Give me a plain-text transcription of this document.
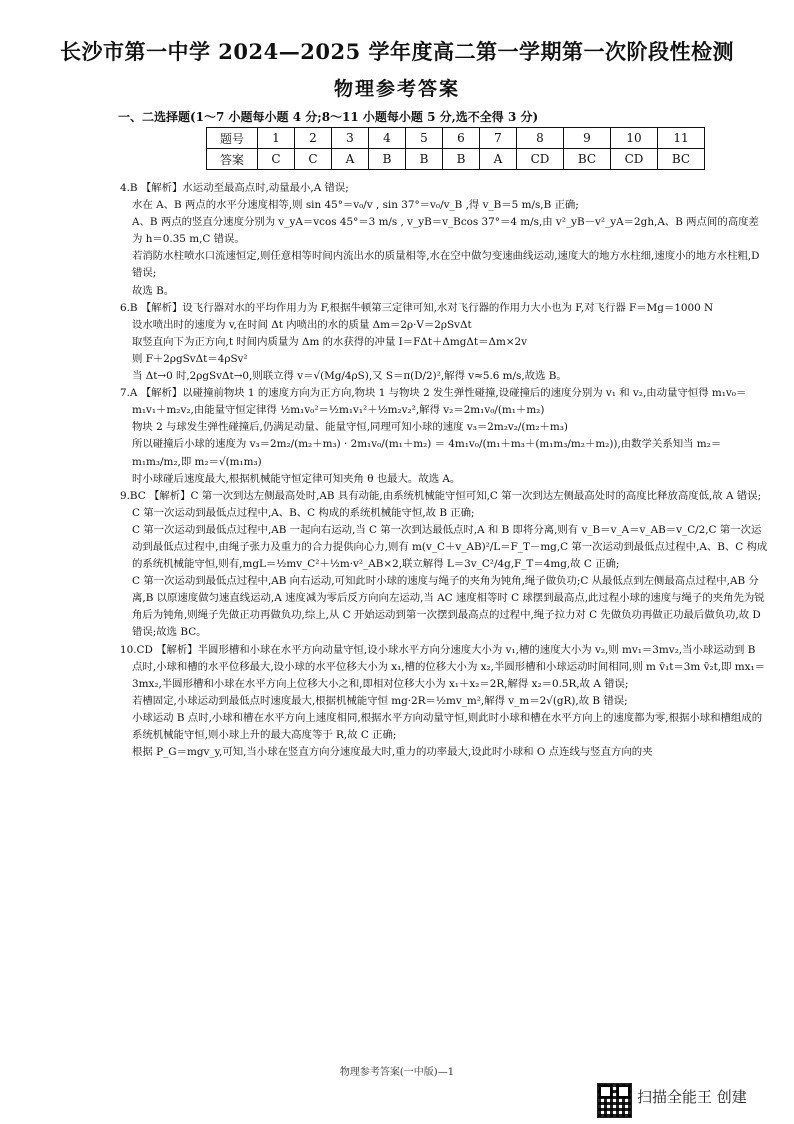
长沙市第一中学 2024—2025 学年度高二第一学期第一次阶段性检测
物理参考答案
一、二选择题(1～7 小题每小题 4 分;8～11 小题每小题 5 分,选不全得 3 分)
题号	1	2	3	4	5	6	7	8	9	10	11
答案	C	C	A	B	B	B	A	CD	BC	CD	BC

4.B 【解析】水运动至最高点时,动量最小,A 错误;

水在 A、B 两点的水平分速度相等,则 sin 45°＝v₀/v , sin 37°＝v₀/v_B ,得 v_B＝5 m/s,B 正确;

A、B 两点的竖直分速度分别为 v_yA＝vcos 45°＝3 m/s , v_yB＝v_Bcos 37°＝4 m/s,由 v²_yB－v²_yA＝2gh,A、B 两点间的高度差为 h＝0.35 m,C 错误。

若消防水柱喷水口流速恒定,则任意相等时间内流出水的质量相等,水在空中做匀变速曲线运动,速度大的地方水柱细,速度小的地方水柱粗,D 错误;

故选 B。

6.B 【解析】设飞行器对水的平均作用力为 F,根据牛顿第三定律可知,水对飞行器的作用力大小也为 F,对飞行器 F＝Mg＝1000 N

设水喷出时的速度为 v,在时间 Δt 内喷出的水的质量 Δm＝2ρ·V＝2ρSvΔt

取竖直向下为正方向,t 时间内质量为 Δm 的水获得的冲量 I＝FΔt＋ΔmgΔt＝Δm×2v

则 F＋2ρgSvΔt＝4ρSv²

当 Δt→0 时,2ρgSvΔt→0,则联立得 v＝√(Mg/4ρS),又 S＝π(D/2)²,解得 v≈5.6 m/s,故选 B。

7.A 【解析】以碰撞前物块 1 的速度方向为正方向,物块 1 与物块 2 发生弹性碰撞,设碰撞后的速度分别为 v₁ 和 v₂,由动量守恒得 m₁v₀＝m₁v₁＋m₂v₂,由能量守恒定律得 ½m₁v₀²＝½m₁v₁²＋½m₂v₂²,解得 v₂＝2m₁v₀/(m₁＋m₂)

物块 2 与球发生弹性碰撞后,仍满足动量、能量守恒,同理可知小球的速度 v₃＝2m₂v₂/(m₂＋m₃)

所以碰撞后小球的速度为 v₃＝2m₂/(m₂＋m₃) · 2m₁v₀/(m₁＋m₂) ＝ 4m₁v₀/(m₁＋m₃＋(m₁m₃/m₂＋m₂)),由数学关系知当 m₂＝m₁m₃/m₂,即 m₂＝√(m₁m₃)

时小球碰后速度最大,根据机械能守恒定律可知夹角 θ 也最大。故选 A。

9.BC 【解析】C 第一次到达左侧最高处时,AB 具有动能,由系统机械能守恒可知,C 第一次到达左侧最高处时的高度比释放高度低,故 A 错误;

C 第一次运动到最低点过程中,A、B、C 构成的系统机械能守恒,故 B 正确;

C 第一次运动到最低点过程中,AB 一起向右运动,当 C 第一次到达最低点时,A 和 B 即将分离,则有 v_B＝v_A＝v_AB＝v_C/2,C 第一次运动到最低点过程中,由绳子张力及重力的合力提供向心力,则有 m(v_C＋v_AB)²/L＝F_T－mg,C 第一次运动到最低点过程中,A、B、C 构成的系统机械能守恒,则有,mgL＝½mv_C²＋½m·v²_AB×2,联立解得 L＝3v_C²/4g,F_T＝4mg,故 C 正确;

C 第一次运动到最低点过程中,AB 向右运动,可知此时小球的速度与绳子的夹角为钝角,绳子做负功;C 从最低点到左侧最高点过程中,AB 分离,B 以原速度做匀速直线运动,A 速度减为零后反方向向左运动,当 AC 速度相等时 C 球摆到最高点,此过程小球的速度与绳子的夹角先为锐角后为钝角,则绳子先做正功再做负功,综上,从 C 开始运动到第一次摆到最高点的过程中,绳子拉力对 C 先做负功再做正功最后做负功,故 D 错误;故选 BC。

10.CD 【解析】半圆形槽和小球在水平方向动量守恒,设小球水平方向分速度大小为 v₁,槽的速度大小为 v₂,则 mv₁＝3mv₂,当小球运动到 B 点时,小球和槽的水平位移最大,设小球的水平位移大小为 x₁,槽的位移大小为 x₂,半圆形槽和小球运动时间相同,则 m v̄₁t＝3m v̄₂t,即 mx₁＝3mx₂,半圆形槽和小球在水平方向上位移大小之和,即相对位移大小为 x₁＋x₂＝2R,解得 x₂＝0.5R,故 A 错误;

若槽固定,小球运动到最低点时速度最大,根据机械能守恒 mg·2R＝½mv_m²,解得 v_m＝2√(gR),故 B 错误;

小球运动 B 点时,小球和槽在水平方向上速度相同,根据水平方向动量守恒,则此时小球和槽在水平方向上的速度都为零,根据小球和槽组成的系统机械能守恒,则小球上升的最大高度等于 R,故 C 正确;

根据 P_G＝mgv_y,可知,当小球在竖直方向分速度最大时,重力的功率最大,设此时小球和 O 点连线与竖直方向的夹

物理参考答案(一中版)—1
扫描全能王 创建
